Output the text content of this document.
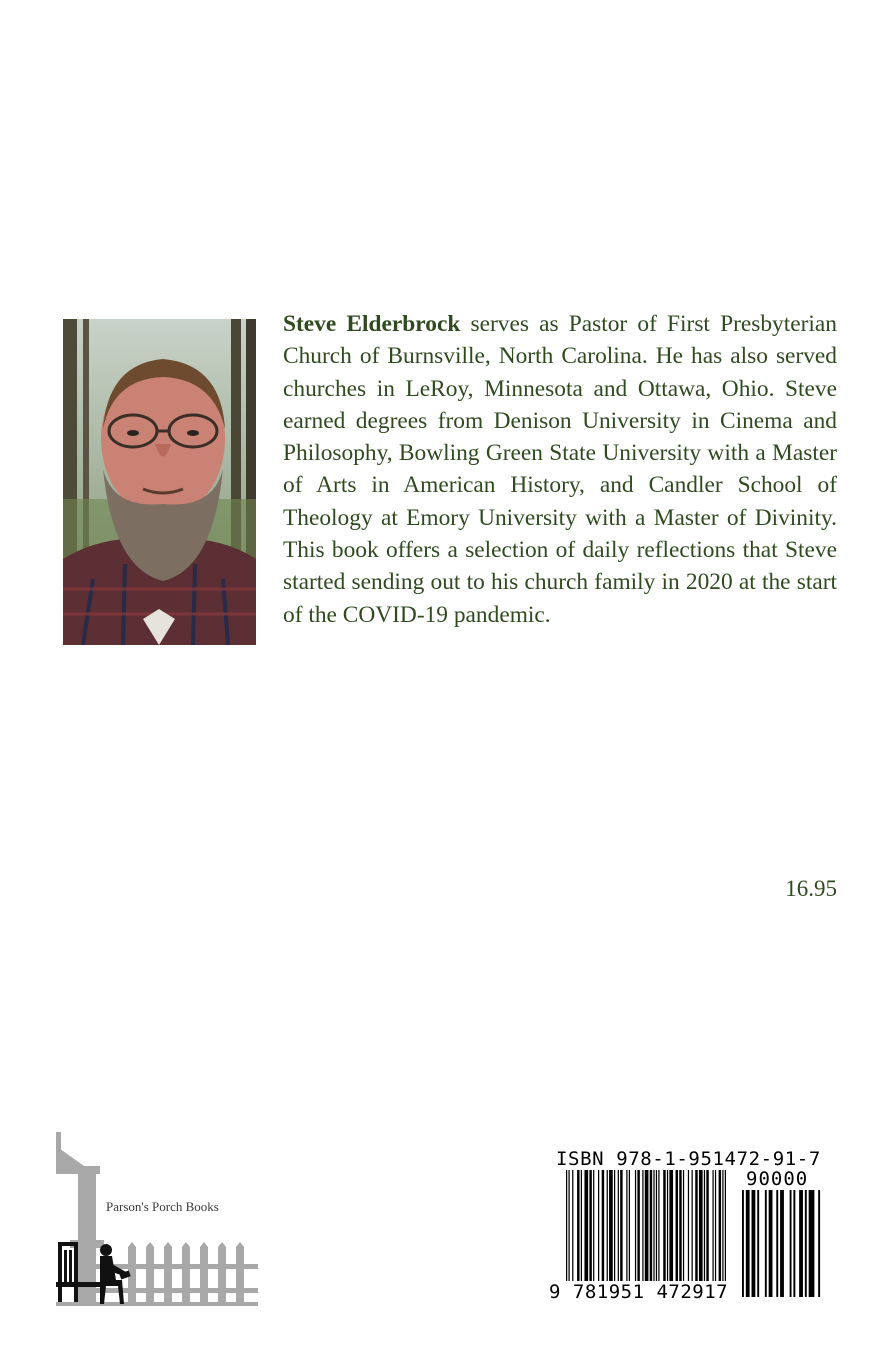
Steve Elderbrock serves as Pastor of First Presbyterian Church of Burnsville, North Carolina. He has also served churches in LeRoy, Minnesota and Ottawa, Ohio. Steve earned degrees from Denison University in Cinema and Philosophy, Bowling Green State University with a Master of Arts in American History, and Candler School of Theology at Emory University with a Master of Divinity. This book offers a selection of daily reflections that Steve started sending out to his church family in 2020 at the start of the COVID-19 pandemic.

16.95
Parson's Porch Books
ISBN 978-1-951472-91-7
90000
9 781951 472917
